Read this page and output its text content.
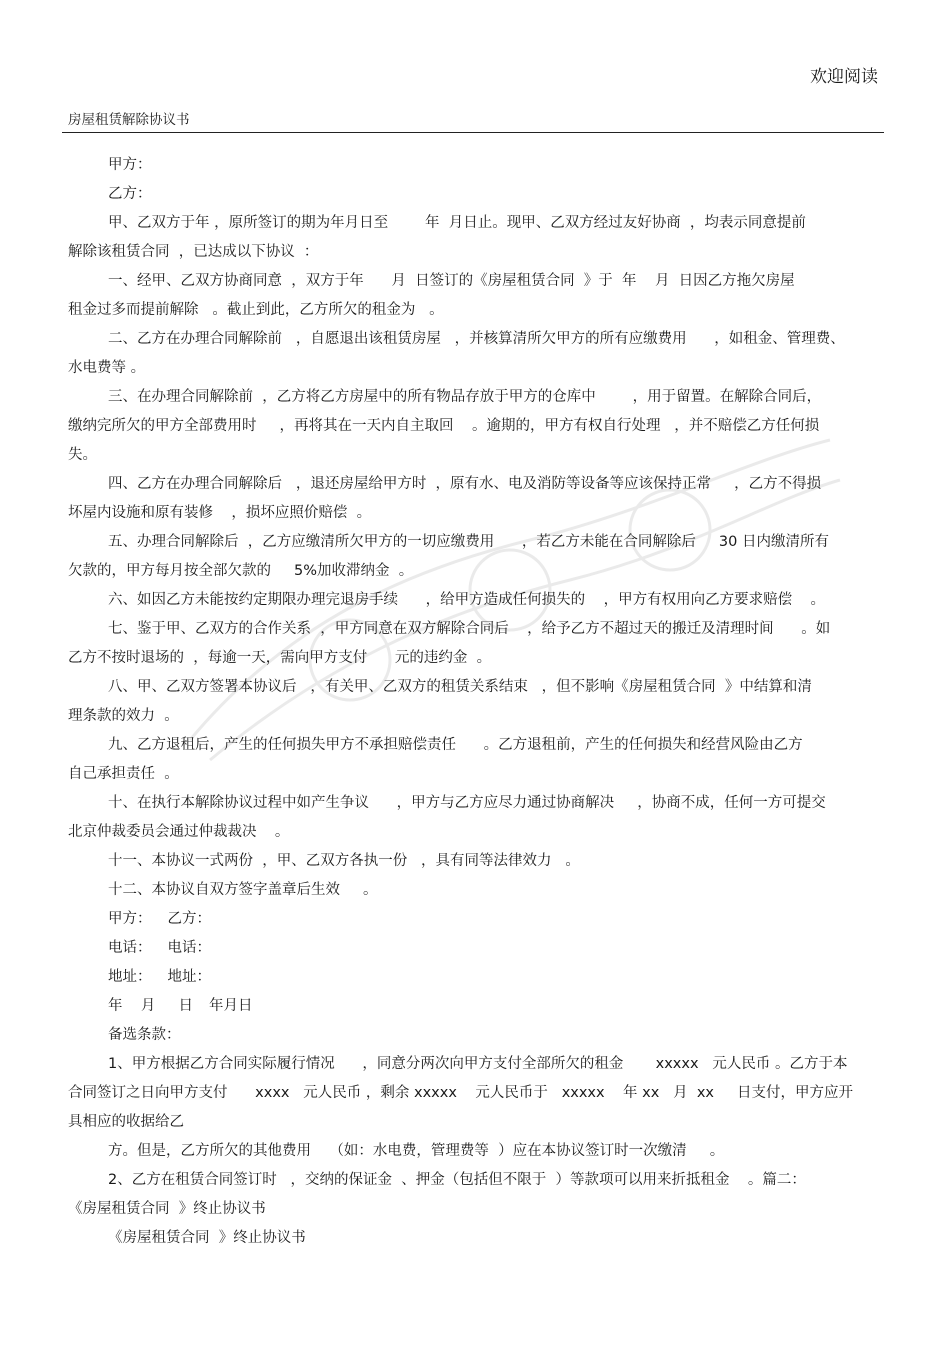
欢迎阅读
房屋租赁解除协议书
甲方：
乙方：
甲、乙双方于年 ，原所签订的期为年月日至        年  月日止。现甲、乙双方经过友好协商  ，均表示同意提前
解除该租赁合同  ，已达成以下协议  ：
一、经甲、乙双方协商同意  ，双方于年      月  日签订的《房屋租赁合同  》于  年    月  日因乙方拖欠房屋
租金过多而提前解除   。截止到此，乙方所欠的租金为   。
二、乙方在办理合同解除前   ，自愿退出该租赁房屋   ，并核算清所欠甲方的所有应缴费用      ，如租金、管理费、
水电费等 。
三、在办理合同解除前  ，乙方将乙方房屋中的所有物品存放于甲方的仓库中        ，用于留置。在解除合同后，
缴纳完所欠的甲方全部费用时     ，再将其在一天内自主取回    。逾期的，甲方有权自行处理   ，并不赔偿乙方任何损
失。
四、乙方在办理合同解除后   ，退还房屋给甲方时  ，原有水、电及消防等设备等应该保持正常     ，乙方不得损
坏屋内设施和原有装修    ，损坏应照价赔偿  。
五、办理合同解除后  ，乙方应缴清所欠甲方的一切应缴费用      ，若乙方未能在合同解除后     30 日内缴清所有
欠款的，甲方每月按全部欠款的     5%加收滞纳金  。
六、如因乙方未能按约定期限办理完退房手续      ，给甲方造成任何损失的    ，甲方有权用向乙方要求赔偿    。
七、鉴于甲、乙双方的合作关系  ，甲方同意在双方解除合同后    ，给予乙方不超过天的搬迁及清理时间      。如
乙方不按时退场的  ，每逾一天，需向甲方支付      元的违约金  。
八、甲、乙双方签署本协议后   ，有关甲、乙双方的租赁关系结束   ，但不影响《房屋租赁合同  》中结算和清
理条款的效力  。
九、乙方退租后，产生的任何损失甲方不承担赔偿责任      。乙方退租前，产生的任何损失和经营风险由乙方
自己承担责任  。
十、在执行本解除协议过程中如产生争议      ，甲方与乙方应尽力通过协商解决     ，协商不成，任何一方可提交
北京仲裁委员会通过仲裁裁决    。
十一、本协议一式两份  ，甲、乙双方各执一份   ，具有同等法律效力   。
十二、本协议自双方签字盖章后生效     。
甲方： 乙方：
电话： 电话：
地址： 地址：
年    月     日 年月日
备选条款：
1、甲方根据乙方合同实际履行情况      ，同意分两次向甲方支付全部所欠的租金       xxxxx   元人民币 。乙方于本
合同签订之日向甲方支付      xxxx   元人民币 ，剩余 xxxxx    元人民币于   xxxxx    年 xx   月  xx     日支付，甲方应开
具相应的收据给乙
方。但是，乙方所欠的其他费用    （如：水电费，管理费等  ）应在本协议签订时一次缴清     。
2、乙方在租赁合同签订时   ，交纳的保证金  、押金（包括但不限于  ）等款项可以用来折抵租金    。篇二：
《房屋租赁合同  》终止协议书
《房屋租赁合同  》终止协议书
